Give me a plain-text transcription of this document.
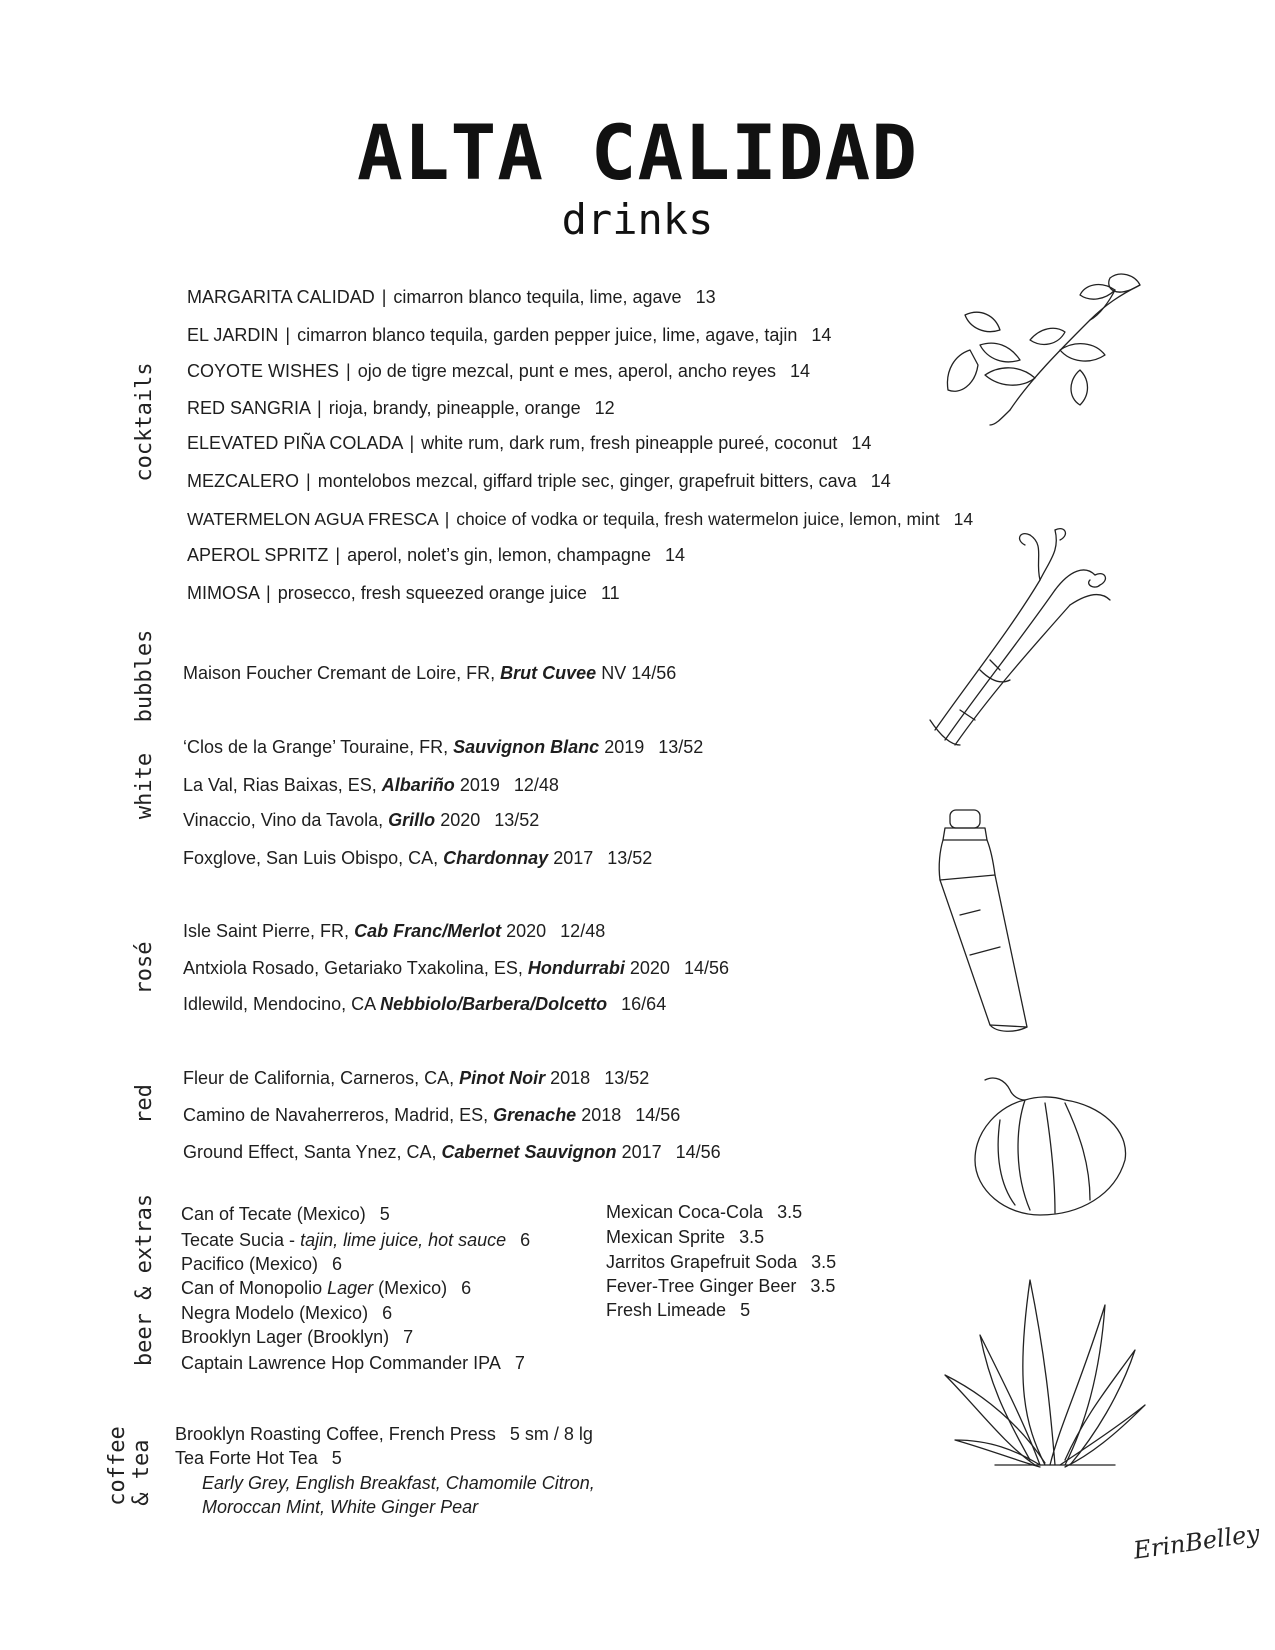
ALTA CALIDAD
drinks
cocktails
bubbles
white
rosé
red
beer & extras
coffee & tea
MARGARITA CALIDAD | cimarron blanco tequila, lime, agave 13
EL JARDIN | cimarron blanco tequila, garden pepper juice, lime, agave, tajin 14
COYOTE WISHES | ojo de tigre mezcal, punt e mes, aperol, ancho reyes 14
RED SANGRIA | rioja, brandy, pineapple, orange 12
ELEVATED PIÑA COLADA | white rum, dark rum, fresh pineapple pureé, coconut 14
MEZCALERO | montelobos mezcal, giffard triple sec, ginger, grapefruit bitters, cava 14
WATERMELON AGUA FRESCA | choice of vodka or tequila, fresh watermelon juice, lemon, mint 14
APEROL SPRITZ | aperol, nolet’s gin, lemon, champagne 14
MIMOSA | prosecco, fresh squeezed orange juice 11
Maison Foucher Cremant de Loire, FR, Brut Cuvee NV 14/56
‘Clos de la Grange’ Touraine, FR, Sauvignon Blanc 2019 13/52
La Val, Rias Baixas, ES, Albariño 2019 12/48
Vinaccio, Vino da Tavola, Grillo 2020 13/52
Foxglove, San Luis Obispo, CA, Chardonnay 2017 13/52
Isle Saint Pierre, FR, Cab Franc/Merlot 2020 12/48
Antxiola Rosado, Getariako Txakolina, ES, Hondurrabi 2020 14/56
Idlewild, Mendocino, CA Nebbiolo/Barbera/Dolcetto 16/64
Fleur de California, Carneros, CA, Pinot Noir 2018 13/52
Camino de Navaherreros, Madrid, ES, Grenache 2018 14/56
Ground Effect, Santa Ynez, CA, Cabernet Sauvignon 2017 14/56
Can of Tecate (Mexico) 5
Tecate Sucia - tajin, lime juice, hot sauce 6
Pacifico (Mexico) 6
Can of Monopolio Lager (Mexico) 6
Negra Modelo (Mexico) 6
Brooklyn Lager (Brooklyn) 7
Captain Lawrence Hop Commander IPA 7
Mexican Coca-Cola 3.5
Mexican Sprite 3.5
Jarritos Grapefruit Soda 3.5
Fever-Tree Ginger Beer 3.5
Fresh Limeade 5
Brooklyn Roasting Coffee, French Press 5 sm / 8 lg
Tea Forte Hot Tea 5
Early Grey, English Breakfast, Chamomile Citron,
Moroccan Mint, White Ginger Pear
ErinBelley
